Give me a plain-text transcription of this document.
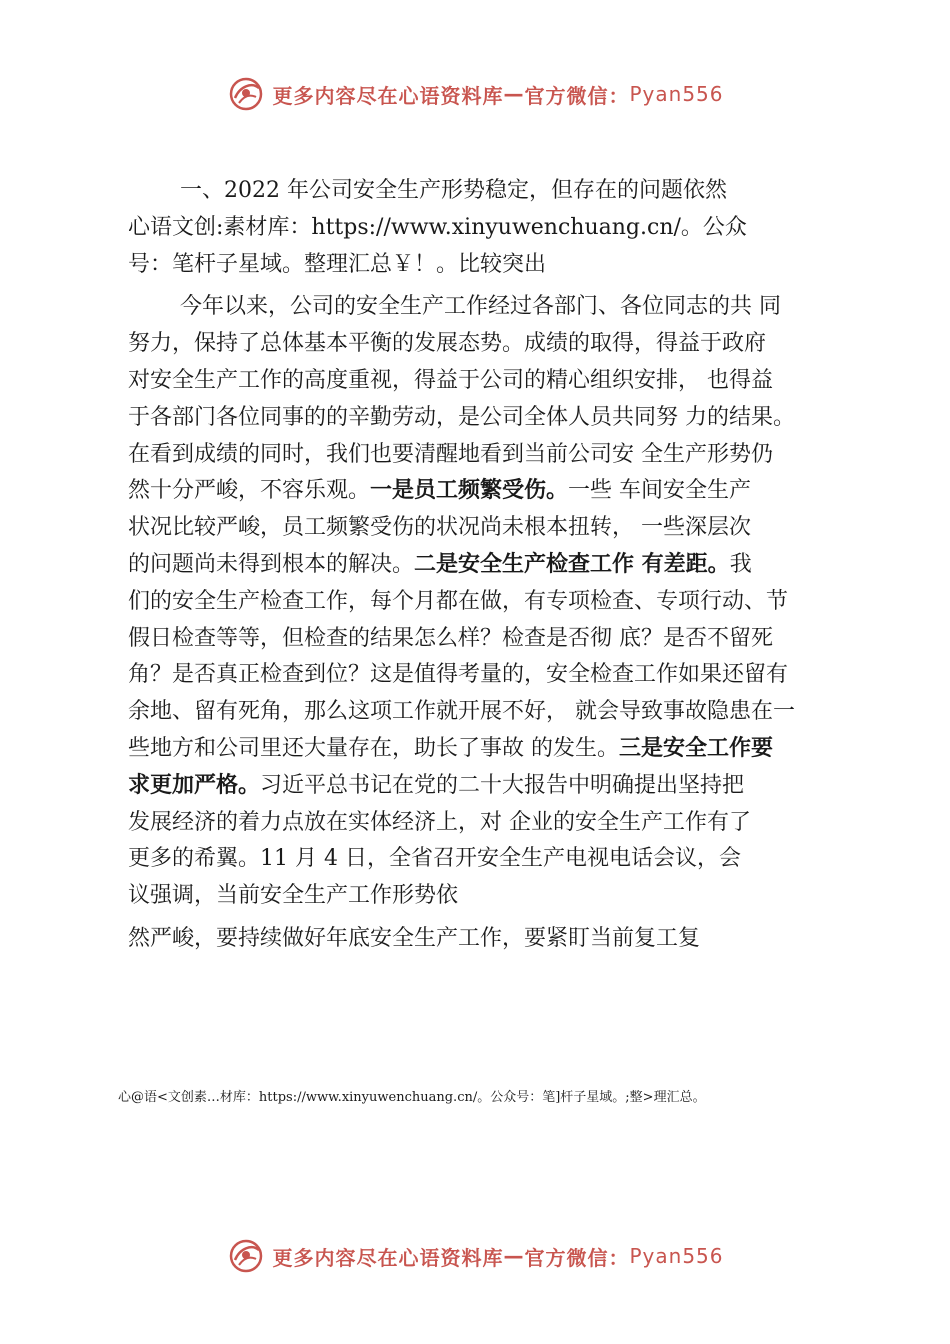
更多内容尽在心语资料库 — 官方微信： Pyan556
一、2022 年公司安全生产形势稳定，但存在的问题依然
心语文创:素材库：https://www.xinyuwenchuang.cn/。公众
号：笔杆子星域。整理汇总￥！。比较突出
今年以来，公司的安全生产工作经过各部门、各位同志的共 同
努力，保持了总体基本平衡的发展态势。成绩的取得，得益于政府
对安全生产工作的高度重视，得益于公司的精心组织安排， 也得益
于各部门各位同事的的辛勤劳动，是公司全体人员共同努 力的结果。
在看到成绩的同时，我们也要清醒地看到当前公司安 全生产形势仍
然十分严峻，不容乐观。一是员工频繁受伤。一些 车间安全生产
状况比较严峻，员工频繁受伤的状况尚未根本扭转， 一些深层次
的问题尚未得到根本的解决。二是安全生产检查工作 有差距。我
们的安全生产检查工作，每个月都在做，有专项检查、专项行动、节
假日检查等等，但检查的结果怎么样？检查是否彻 底？是否不留死
角？是否真正检查到位？这是值得考量的，安全检查工作如果还留有
余地、留有死角，那么这项工作就开展不好， 就会导致事故隐患在一
些地方和公司里还大量存在，助长了事故 的发生。三是安全工作要
求更加严格。习近平总书记在党的二十大报告中明确提出坚持把
发展经济的着力点放在实体经济上，对 企业的安全生产工作有了
更多的希翼。11 月 4 日，全省召开安全生产电视电话会议，会
议强调，当前安全生产工作形势依
然严峻，要持续做好年底安全生产工作，要紧盯当前复工复
心@语<文创素…材库：https://www.xinyuwenchuang.cn/。公众号：笔]杆子星域。;整>理汇总。
更多内容尽在心语资料库 — 官方微信： Pyan556
